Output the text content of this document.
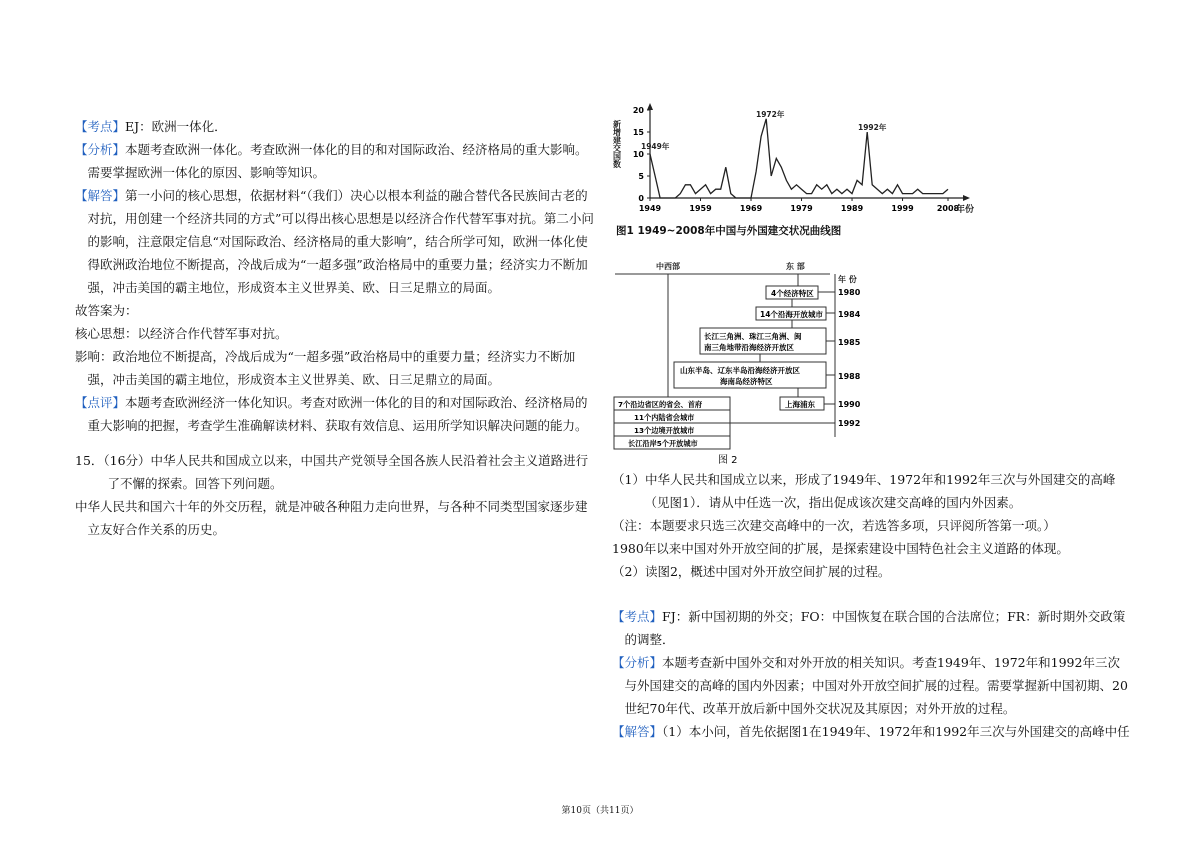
【考点】EJ：欧洲一体化．

【分析】本题考查欧洲一体化。考查欧洲一体化的目的和对国际政治、经济格局的重大影响。需要掌握欧洲一体化的原因、影响等知识。

【解答】第一小问的核心思想，依据材料“（我们）决心以根本利益的融合替代各民族间古老的对抗，用创建一个经济共同的方式”可以得出核心思想是以经济合作代替军事对抗。第二小问的影响，注意限定信息“对国际政治、经济格局的重大影响”，结合所学可知，欧洲一体化使得欧洲政治地位不断提高，冷战后成为“一超多强”政治格局中的重要力量；经济实力不断加强，冲击美国的霸主地位，形成资本主义世界美、欧、日三足鼎立的局面。

故答案为：

核心思想：以经济合作代替军事对抗。

影响：政治地位不断提高，冷战后成为“一超多强”政治格局中的重要力量；经济实力不断加强，冲击美国的霸主地位，形成资本主义世界美、欧、日三足鼎立的局面。

【点评】本题考查欧洲经济一体化知识。考查对欧洲一体化的目的和对国际政治、经济格局的重大影响的把握，考查学生准确解读材料、获取有效信息、运用所学知识解决问题的能力。

15．（16分）中华人民共和国成立以来，中国共产党领导全国各族人民沿着社会主义道路进行了不懈的探索。回答下列问题。

中华人民共和国六十年的外交历程，就是冲破各种阻力走向世界，与各种不同类型国家逐步建立友好合作关系的历史。

0
5
10
15
20
1949	1959	1969	1979	1989	1999	2008
新增建交国数
年份
1949年
1972年
1992年
图1 1949~2008年中国与外国建交状况曲线图
中西部	东 部
年 份
4个经济特区	1980
14个沿海开放城市 1984
长江三角洲、珠江三角洲、闽
南三角地带沿海经济开放区
1985
山东半岛、辽东半岛沿海经济开放区
海南岛经济特区
1988
上海浦东	1990
7个沿边省区的省会、首府
11个内陆省会城市
13个边境开放城市
长江沿岸5个开放城市
1992
图 2

（1）中华人民共和国成立以来，形成了1949年、1972年和1992年三次与外国建交的高峰（见图1）．请从中任选一次，指出促成该次建交高峰的国内外因素。

（注：本题要求只选三次建交高峰中的一次，若选答多项，只评阅所答第一项。）

1980年以来中国对外开放空间的扩展，是探索建设中国特色社会主义道路的体现。

（2）读图2，概述中国对外开放空间扩展的过程。

【考点】FJ：新中国初期的外交；FO：中国恢复在联合国的合法席位；FR：新时期外交政策的调整．

【分析】本题考查新中国外交和对外开放的相关知识。考查1949年、1972年和1992年三次与外国建交的高峰的国内外因素；中国对外开放空间扩展的过程。需要掌握新中国初期、20世纪70年代、改革开放后新中国外交状况及其原因；对外开放的过程。

【解答】（1）本小问，首先依据图1在1949年、1972年和1992年三次与外国建交的高峰中任

第10页（共11页）
